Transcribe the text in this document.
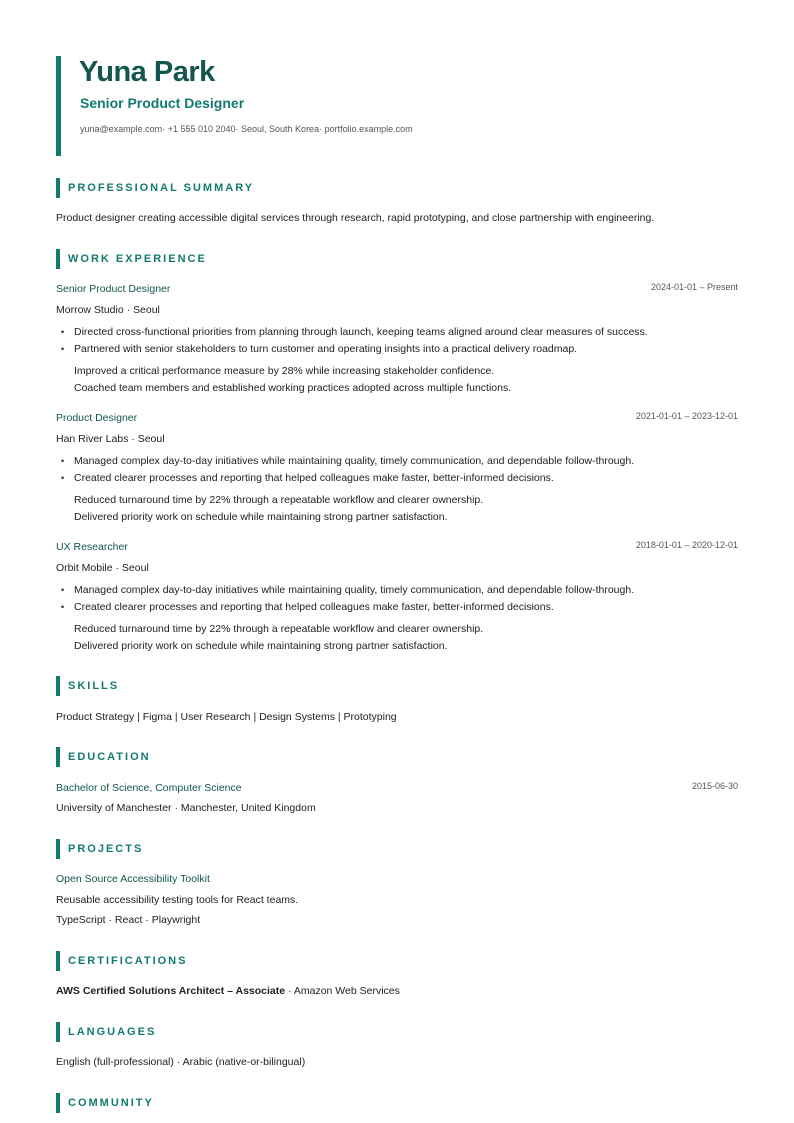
Yuna Park
Senior Product Designer
yuna@example.com· +1 555 010 2040· Seoul, South Korea· portfolio.example.com
PROFESSIONAL SUMMARY
Product designer creating accessible digital services through research, rapid prototyping, and close partnership with engineering.
WORK EXPERIENCE
Senior Product Designer	2024-01-01 – Present
Morrow Studio · Seoul
• Directed cross-functional priorities from planning through launch, keeping teams aligned around clear measures of success.
• Partnered with senior stakeholders to turn customer and operating insights into a practical delivery roadmap.
Improved a critical performance measure by 28% while increasing stakeholder confidence.
Coached team members and established working practices adopted across multiple functions.
Product Designer	2021-01-01 – 2023-12-01
Han River Labs · Seoul
• Managed complex day-to-day initiatives while maintaining quality, timely communication, and dependable follow-through.
• Created clearer processes and reporting that helped colleagues make faster, better-informed decisions.
Reduced turnaround time by 22% through a repeatable workflow and clearer ownership.
Delivered priority work on schedule while maintaining strong partner satisfaction.
UX Researcher	2018-01-01 – 2020-12-01
Orbit Mobile · Seoul
• Managed complex day-to-day initiatives while maintaining quality, timely communication, and dependable follow-through.
• Created clearer processes and reporting that helped colleagues make faster, better-informed decisions.
Reduced turnaround time by 22% through a repeatable workflow and clearer ownership.
Delivered priority work on schedule while maintaining strong partner satisfaction.
SKILLS
Product Strategy | Figma | User Research | Design Systems | Prototyping
EDUCATION
Bachelor of Science, Computer Science	2015-06-30
University of Manchester · Manchester, United Kingdom
PROJECTS
Open Source Accessibility Toolkit
Reusable accessibility testing tools for React teams.
TypeScript · React · Playwright
CERTIFICATIONS
AWS Certified Solutions Architect – Associate · Amazon Web Services
LANGUAGES
English (full-professional) · Arabic (native-or-bilingual)
COMMUNITY
